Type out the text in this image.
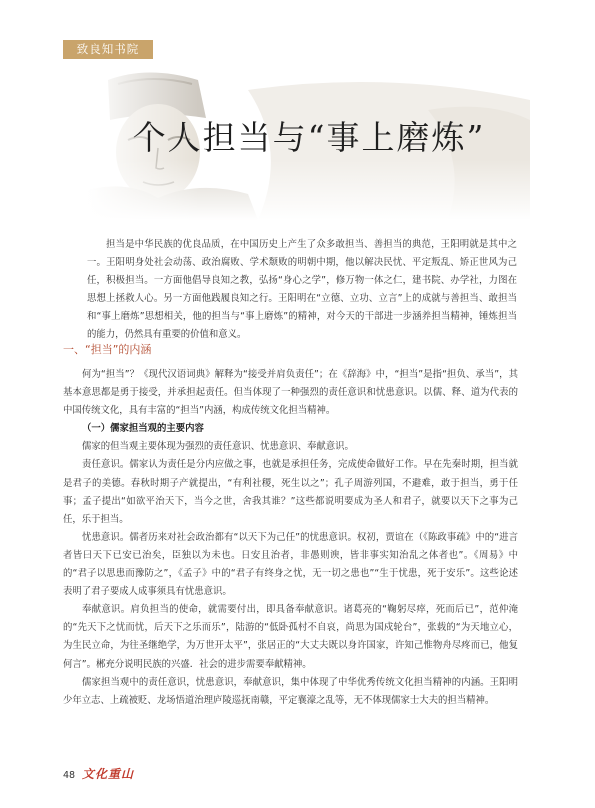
致良知书院
个人担当与“事上磨炼”
担当是中华民族的优良品质，在中国历史上产生了众多敢担当、善担当的典范，王阳明就是其中之一。王阳明身处社会动荡、政治腐败、学术颓败的明朝中期，他以解决民忧、平定叛乱、矫正世风为己任，积极担当。一方面他倡导良知之教，弘扬“身心之学”，修万物一体之仁，建书院、办学社，力图在思想上拯救人心。另一方面他践履良知之行。王阳明在“立德、立功、立言”上的成就与善担当、敢担当和“事上磨炼”思想相关，他的担当与“事上磨炼”的精神，对今天的干部进一步涵养担当精神，锤炼担当的能力，仍然具有重要的价值和意义。
一、“担当”的内涵

何为“担当”？《现代汉语词典》解释为“接受并肩负责任”；在《辞海》中，“担当”是指“担负、承当”，其基本意思都是勇于接受，并承担起责任。但当体现了一种强烈的责任意识和忧患意识。以儒、释、道为代表的中国传统文化，具有丰富的“担当”内涵，构成传统文化担当精神。

（一）儒家担当观的主要内容

儒家的但当观主要体现为强烈的责任意识、忧患意识、奉献意识。

责任意识。儒家认为责任是分内应做之事，也就是承担任务，完成使命做好工作。早在先秦时期，担当就是君子的美德。春秋时期子产就提出，“有利社稷，死生以之”；孔子周游列国，不避难，敢于担当，勇于任事；孟子提出“如欲平治天下，当今之世，舍我其谁？”这些都说明要成为圣人和君子，就要以天下之事为己任，乐于担当。

忧患意识。儒者历来对社会政治都有“以天下为己任”的忧患意识。权初，贾谊在（《陈政事疏》中的“进言者皆曰天下已安已治矣，臣独以为未也。日安且治者，非愚则谀，皆非事实知治乱之体者也”。《周易》中的“君子以思患而豫防之”，《孟子》中的“君子有终身之忧，无一切之患也”“生于忧患，死于安乐”。这些论述表明了君子要成人成事须具有忧患意识。

奉献意识。肩负担当的使命，就需要付出，即具备奉献意识。诸葛亮的“鞠躬尽瘁，死而后已”，范仲淹的“先天下之忧而忧，后天下之乐而乐”，陆游的“低卧孤村不自哀，尚思为国戍轮台”，张载的“为天地立心，为生民立命，为往圣继绝学，为万世开太平”，张居正的“大丈夫既以身许国家，许知己惟物舟尽疼而已，他复何言”。郴充分说明民族的兴盛．社会的进步需要奉献精神。

儒家担当观中的责任意识，忧患意识，奉献意识，集中体现了中华优秀传统文化担当精神的内涵。王阳明少年立志、上疏被贬、龙场悟道治理庐陵巡抚南赣，平定襄濠之乱等，无不体现儒家士大夫的担当精神。

48 文化重山
